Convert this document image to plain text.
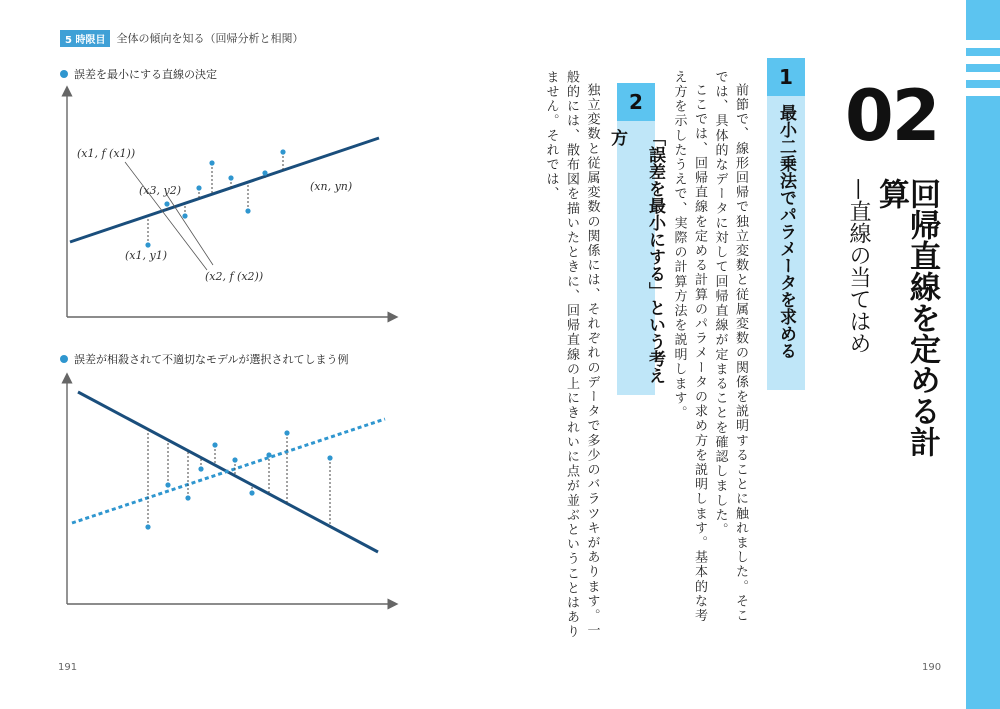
5 時限目	全体の傾向を知る（回帰分析と相関）
誤差を最小にする直線の決定
(x1, f (x1))
(x3, y2)	(xn, yn)
(x1, y1)
(x2, f (x2))
誤差が相殺されて不適切なモデルが選択されてしまう例
191	190
02
回帰直線を定める計算
—直線の当てはめ
1
最小二乗法でパラメータを求める

前節で、線形回帰で独立変数と従属変数の関係を説明することに触れました。そこでは、具体的なデータに対して回帰直線が定まることを確認しました。

ここでは、回帰直線を定める計算のパラメータの求め方を説明します。基本的な考え方を示したうえで、実際の計算方法を説明します。

2
「誤差を最小にする」という考え方

独立変数と従属変数の関係には、それぞれのデータで多少のバラツキがあります。一般的には、散布図を描いたときに、回帰直線の上にきれいに点が並ぶということはありません。それでは、
